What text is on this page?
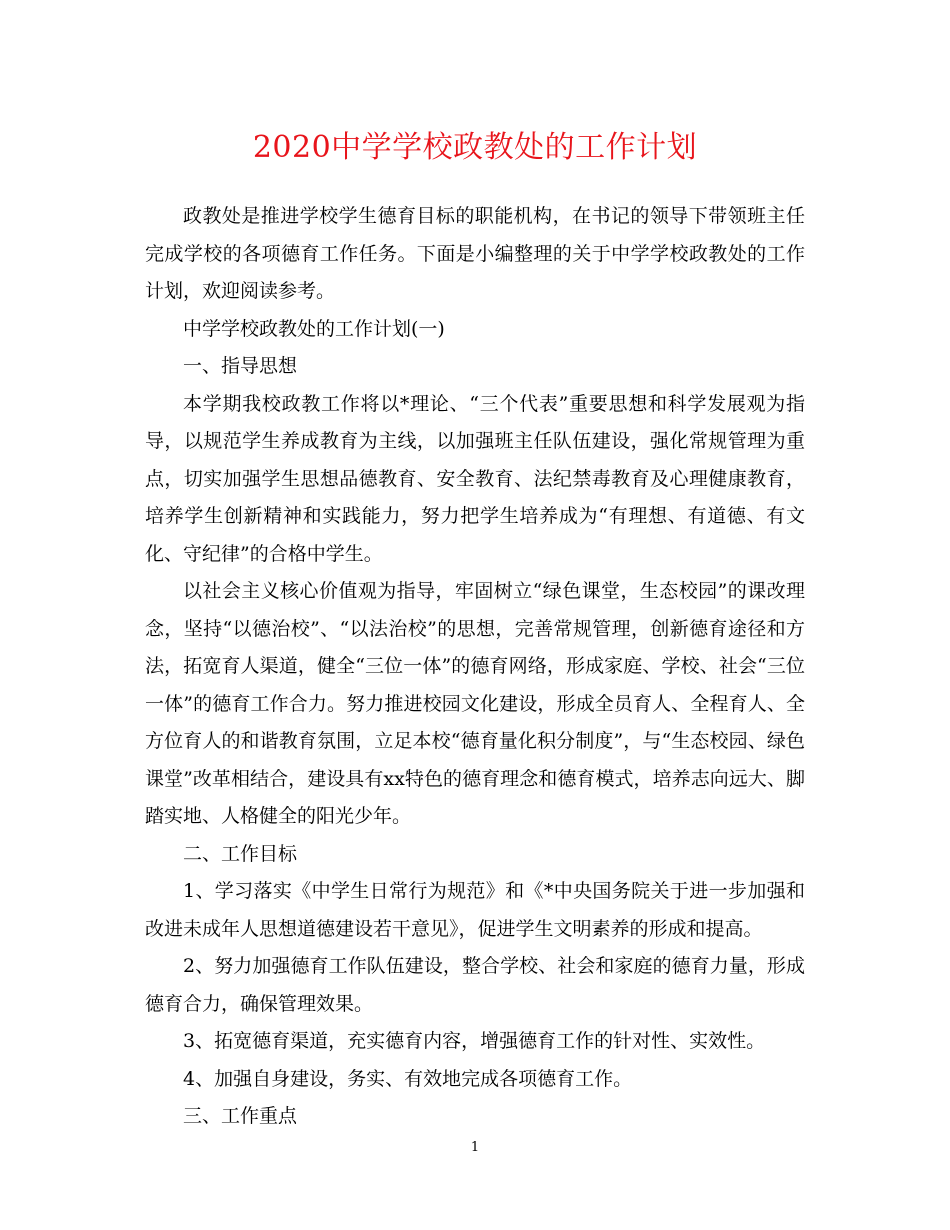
2020中学学校政教处的工作计划

政教处是推进学校学生德育目标的职能机构，在书记的领导下带领班主任完成学校的各项德育工作任务。下面是小编整理的关于中学学校政教处的工作计划，欢迎阅读参考。

中学学校政教处的工作计划(一)

一、指导思想

本学期我校政教工作将以*理论、“三个代表”重要思想和科学发展观为指导，以规范学生养成教育为主线，以加强班主任队伍建设，强化常规管理为重点，切实加强学生思想品德教育、安全教育、法纪禁毒教育及心理健康教育，培养学生创新精神和实践能力，努力把学生培养成为“有理想、有道德、有文化、守纪律”的合格中学生。

以社会主义核心价值观为指导，牢固树立“绿色课堂，生态校园”的课改理念，坚持“以德治校”、“以法治校”的思想，完善常规管理，创新德育途径和方法，拓宽育人渠道，健全“三位一体”的德育网络，形成家庭、学校、社会“三位一体”的德育工作合力。努力推进校园文化建设，形成全员育人、全程育人、全方位育人的和谐教育氛围，立足本校“德育量化积分制度”，与“生态校园、绿色课堂”改革相结合，建设具有xx特色的德育理念和德育模式，培养志向远大、脚踏实地、人格健全的阳光少年。

二、工作目标

1、学习落实《中学生日常行为规范》和《*中央国务院关于进一步加强和改进未成年人思想道德建设若干意见》，促进学生文明素养的形成和提高。

2、努力加强德育工作队伍建设，整合学校、社会和家庭的德育力量，形成德育合力，确保管理效果。

3、拓宽德育渠道，充实德育内容，增强德育工作的针对性、实效性。

4、加强自身建设，务实、有效地完成各项德育工作。

三、工作重点

1
